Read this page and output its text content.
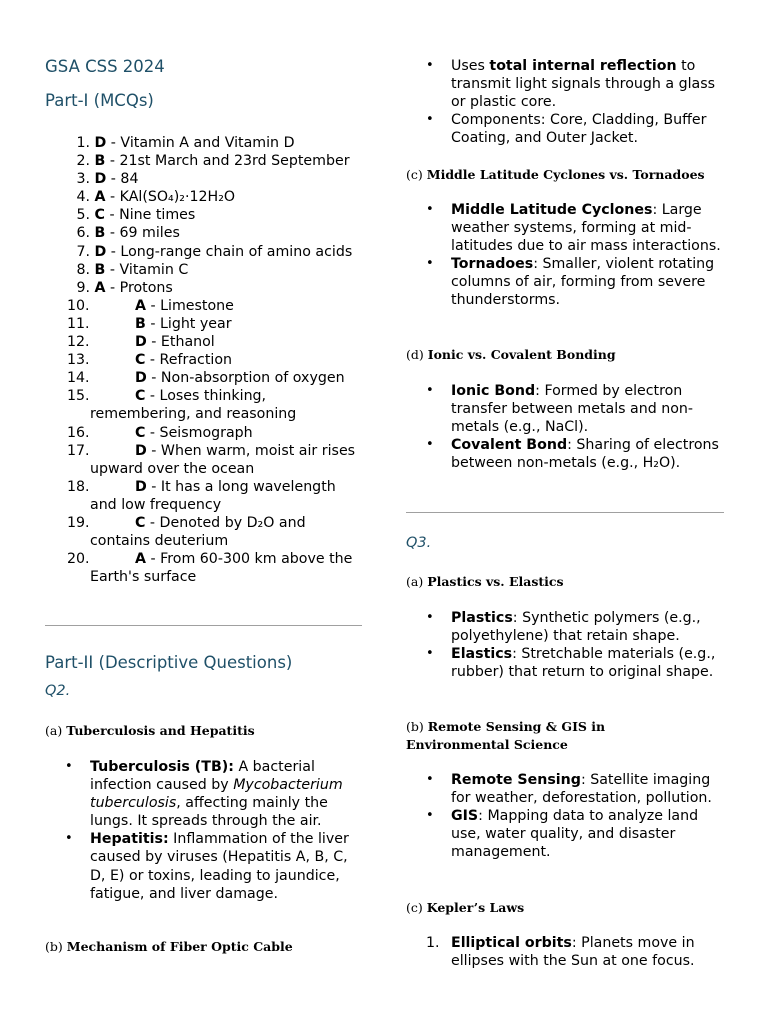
GSA CSS 2024
Part-I (MCQs)
1. D - Vitamin A and Vitamin D
2. B - 21st March and 23rd September
3. D - 84
4. A - KAl(SO₄)₂·12H₂O
5. C - Nine times
6. B - 69 miles
7. D - Long-range chain of amino acids
8. B - Vitamin C
9. A - Protons
10.	A - Limestone
11.	B - Light year
12.	D - Ethanol
13.	C - Refraction
14.	D - Non-absorption of oxygen
15.	C - Loses thinking, remembering, and reasoning
16.	C - Seismograph
17.	D - When warm, moist air rises upward over the ocean
18.	D - It has a long wavelength and low frequency
19.	C - Denoted by D₂O and contains deuterium
20.	A - From 60-300 km above the Earth's surface
Part-II (Descriptive Questions)
Q2.

(a) Tuberculosis and Hepatitis

• Tuberculosis (TB): A bacterial infection caused by Mycobacterium tuberculosis, affecting mainly the lungs. It spreads through the air.
• Hepatitis: Inflammation of the liver caused by viruses (Hepatitis A, B, C, D, E) or toxins, leading to jaundice, fatigue, and liver damage.

(b) Mechanism of Fiber Optic Cable

• Uses total internal reflection to transmit light signals through a glass or plastic core.
• Components: Core, Cladding, Buffer Coating, and Outer Jacket.

(c) Middle Latitude Cyclones vs. Tornadoes

• Middle Latitude Cyclones: Large weather systems, forming at mid-latitudes due to air mass interactions.
• Tornadoes: Smaller, violent rotating columns of air, forming from severe thunderstorms.

(d) Ionic vs. Covalent Bonding

• Ionic Bond: Formed by electron transfer between metals and non-metals (e.g., NaCl).
• Covalent Bond: Sharing of electrons between non-metals (e.g., H₂O).
Q3.

(a) Plastics vs. Elastics

• Plastics: Synthetic polymers (e.g., polyethylene) that retain shape.
• Elastics: Stretchable materials (e.g., rubber) that return to original shape.

(b) Remote Sensing & GIS in Environmental Science

• Remote Sensing: Satellite imaging for weather, deforestation, pollution.
• GIS: Mapping data to analyze land use, water quality, and disaster management.

(c) Kepler’s Laws

1. Elliptical orbits: Planets move in ellipses with the Sun at one focus.
